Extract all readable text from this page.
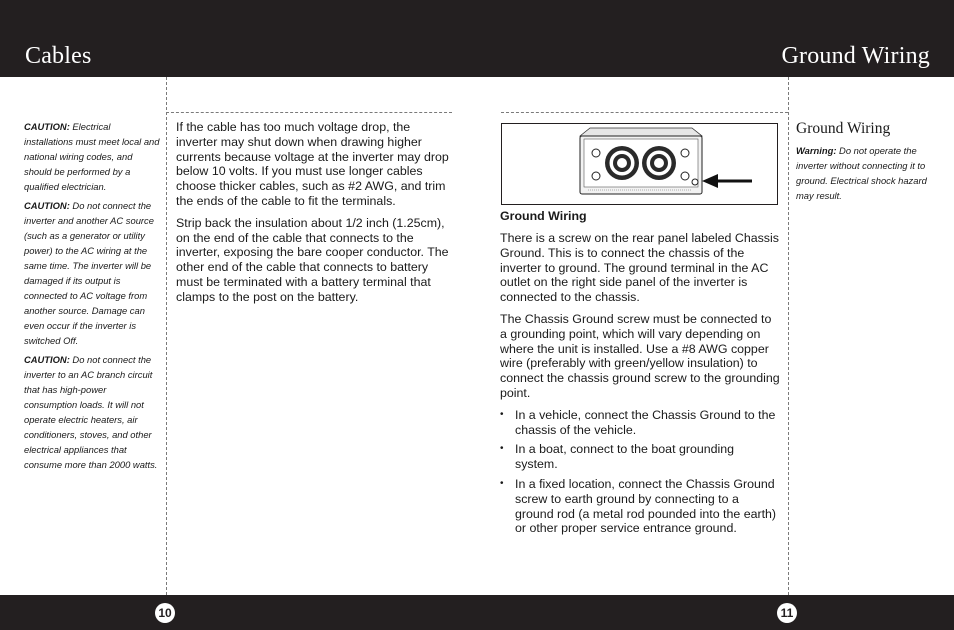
Cables	Ground Wiring

CAUTION: Electrical installations must meet local and national wiring codes, and should be performed by a qualified electrician.

CAUTION: Do not connect the inverter and another AC source (such as a generator or utility power) to the AC wiring at the same time. The inverter will be damaged if its output is connected to AC voltage from another source. Damage can even occur if the inverter is switched Off.

CAUTION: Do not connect the inverter to an AC branch circuit that has high-power consumption loads. It will not operate electric heaters, air conditioners, stoves, and other electrical appliances that consume more than 2000 watts.

If the cable has too much voltage drop, the inverter may shut down when drawing higher currents because voltage at the inverter may drop below 10 volts. If you must use longer cables choose thicker cables, such as #2 AWG, and trim the ends of the cable to fit the terminals.

Strip back the insulation about 1/2 inch (1.25cm), on the end of the cable that connects to the inverter, exposing the bare cooper conductor. The other end of the cable that connects to battery must be terminated with a battery terminal that clamps to the post on the battery.

Ground Wiring

There is a screw on the rear panel labeled Chassis Ground. This is to connect the chassis of the inverter to ground. The ground terminal in the AC outlet on the right side panel of the inverter is connected to the chassis.

The Chassis Ground screw must be connected to a grounding point, which will vary depending on where the unit is installed. Use a #8 AWG copper wire (preferably with green/yellow insulation) to connect the chassis ground screw to the grounding point.

• In a vehicle, connect the Chassis Ground to the chassis of the vehicle.
• In a boat, connect to the boat grounding system.
• In a fixed location, connect the Chassis Ground screw to earth ground by connecting to a ground rod (a metal rod pounded into the earth) or other proper service entrance ground.

Ground Wiring

Warning: Do not operate the inverter without connecting it to ground. Electrical shock hazard may result.

10	11
